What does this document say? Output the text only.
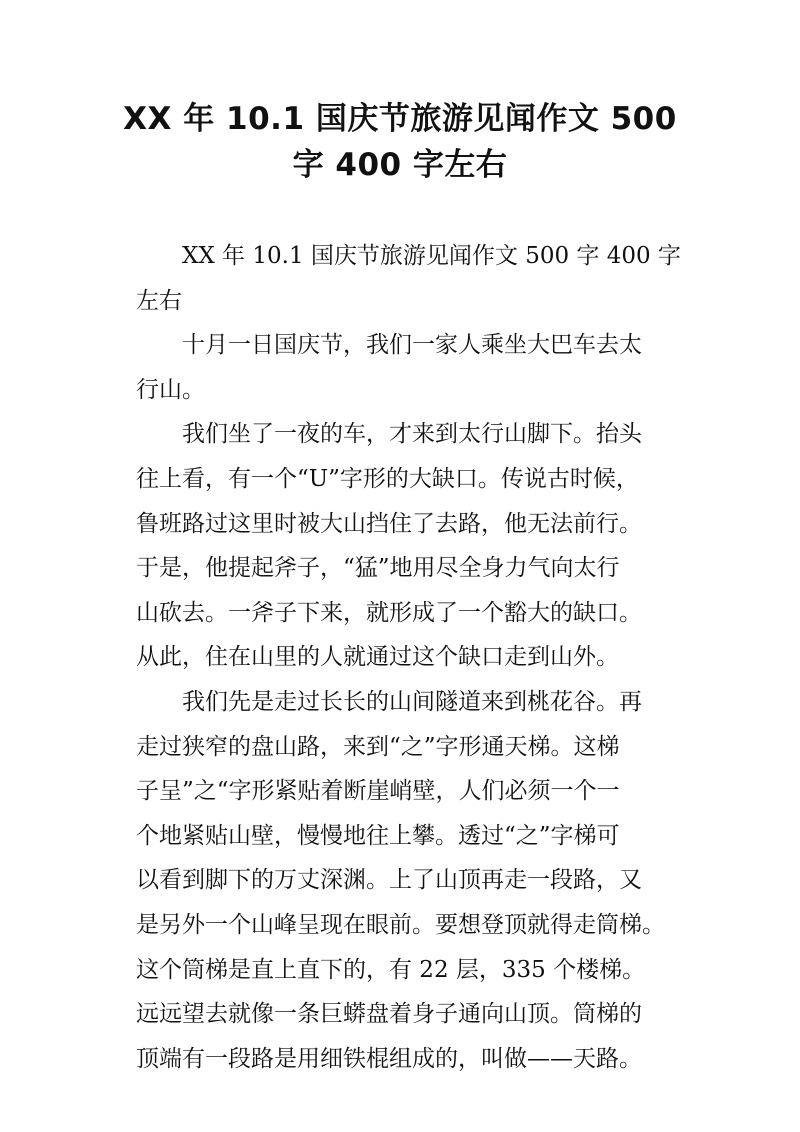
XX 年 10.1 国庆节旅游见闻作文 500
字 400 字左右
XX 年 10.1 国庆节旅游见闻作文 500 字 400 字
左右
十月一日国庆节，我们一家人乘坐大巴车去太
行山。
我们坐了一夜的车，才来到太行山脚下。抬头
往上看，有一个“U”字形的大缺口。传说古时候，
鲁班路过这里时被大山挡住了去路，他无法前行。
于是，他提起斧子，“猛”地用尽全身力气向太行
山砍去。一斧子下来，就形成了一个豁大的缺口。
从此，住在山里的人就通过这个缺口走到山外。
我们先是走过长长的山间隧道来到桃花谷。再
走过狭窄的盘山路，来到“之”字形通天梯。这梯
子呈”之“字形紧贴着断崖峭壁，人们必须一个一
个地紧贴山壁，慢慢地往上攀。透过“之”字梯可
以看到脚下的万丈深渊。上了山顶再走一段路，又
是另外一个山峰呈现在眼前。要想登顶就得走筒梯。
这个筒梯是直上直下的，有 22 层，335 个楼梯。
远远望去就像一条巨蟒盘着身子通向山顶。筒梯的
顶端有一段路是用细铁棍组成的，叫做——天路。
